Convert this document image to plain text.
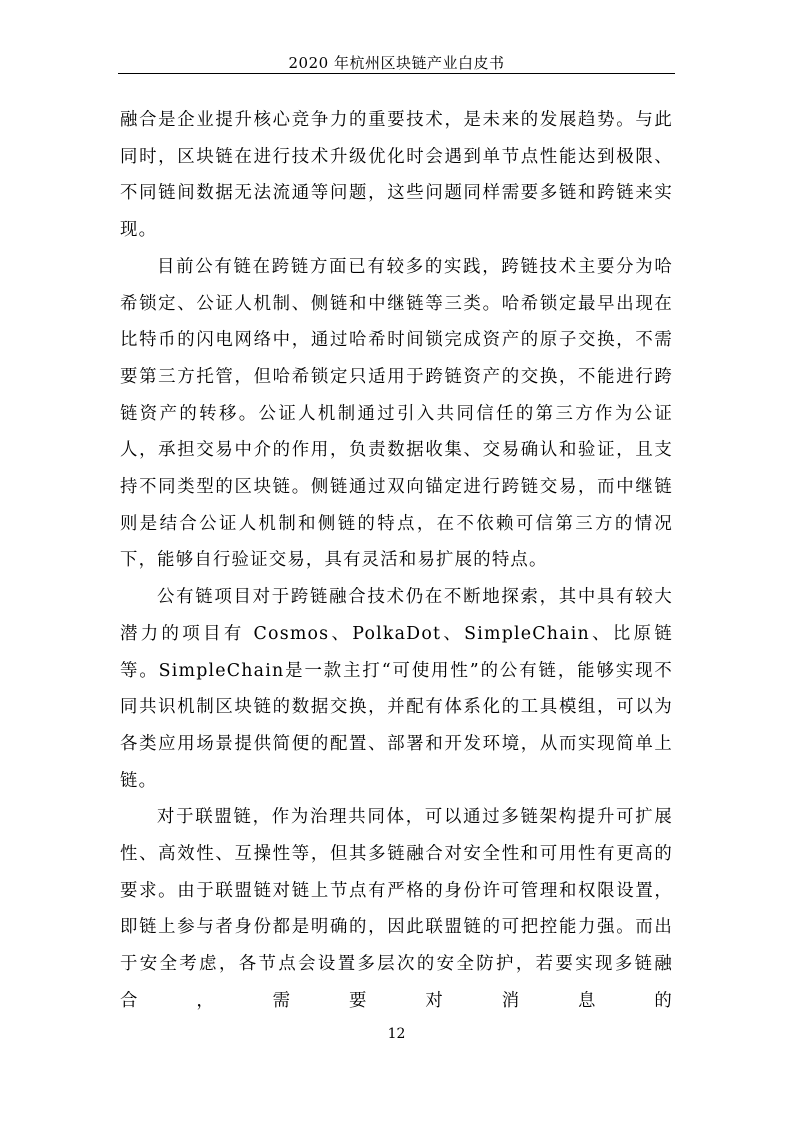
2020 年杭州区块链产业白皮书

融合是企业提升核心竞争力的重要技术，是未来的发展趋势。与此同时，区块链在进行技术升级优化时会遇到单节点性能达到极限、不同链间数据无法流通等问题，这些问题同样需要多链和跨链来实现。

目前公有链在跨链方面已有较多的实践，跨链技术主要分为哈希锁定、公证人机制、侧链和中继链等三类。哈希锁定最早出现在比特币的闪电网络中，通过哈希时间锁完成资产的原子交换，不需要第三方托管，但哈希锁定只适用于跨链资产的交换，不能进行跨链资产的转移。公证人机制通过引入共同信任的第三方作为公证人，承担交易中介的作用，负责数据收集、交易确认和验证，且支持不同类型的区块链。侧链通过双向锚定进行跨链交易，而中继链则是结合公证人机制和侧链的特点，在不依赖可信第三方的情况下，能够自行验证交易，具有灵活和易扩展的特点。

公有链项目对于跨链融合技术仍在不断地探索，其中具有较大潜力的项目有 Cosmos、PolkaDot、SimpleChain、比原链等。SimpleChain是一款主打“可使用性”的公有链，能够实现不同共识机制区块链的数据交换，并配有体系化的工具模组，可以为各类应用场景提供简便的配置、部署和开发环境，从而实现简单上链。

对于联盟链，作为治理共同体，可以通过多链架构提升可扩展性、高效性、互操性等，但其多链融合对安全性和可用性有更高的要求。由于联盟链对链上节点有严格的身份许可管理和权限设置，即链上参与者身份都是明确的，因此联盟链的可把控能力强。而出于安全考虑，各节点会设置多层次的安全防护，若要实现多链融合，需要对消息的

12
